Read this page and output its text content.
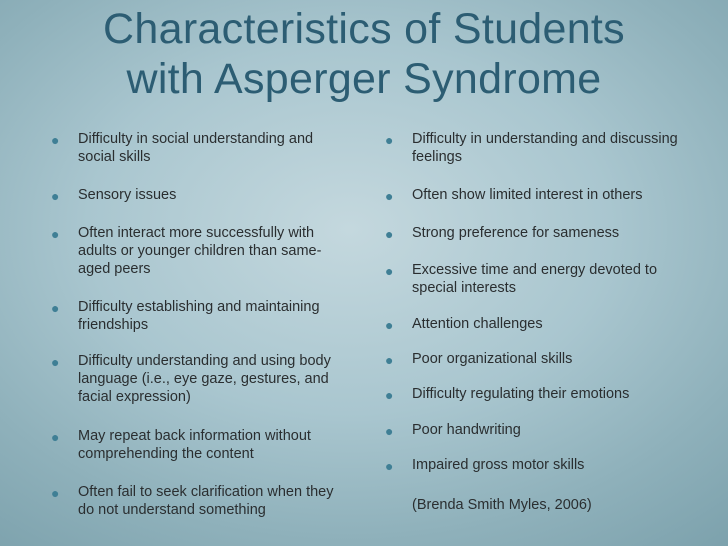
Characteristics of Students
with Asperger Syndrome
● Difficulty in social understanding and social skills
● Sensory issues
● Often interact more successfully with adults or younger children than same-aged peers
● Difficulty establishing and maintaining friendships
● Difficulty understanding and using body language (i.e., eye gaze, gestures, and facial expression)
● May repeat back information without comprehending the content
● Often fail to seek clarification when they do not understand something
● Difficulty in understanding and discussing feelings
● Often show limited interest in others
● Strong preference for sameness
● Excessive time and energy devoted to special interests
● Attention challenges
● Poor organizational skills
● Difficulty regulating their emotions
● Poor handwriting
● Impaired gross motor skills
(Brenda Smith Myles, 2006)
